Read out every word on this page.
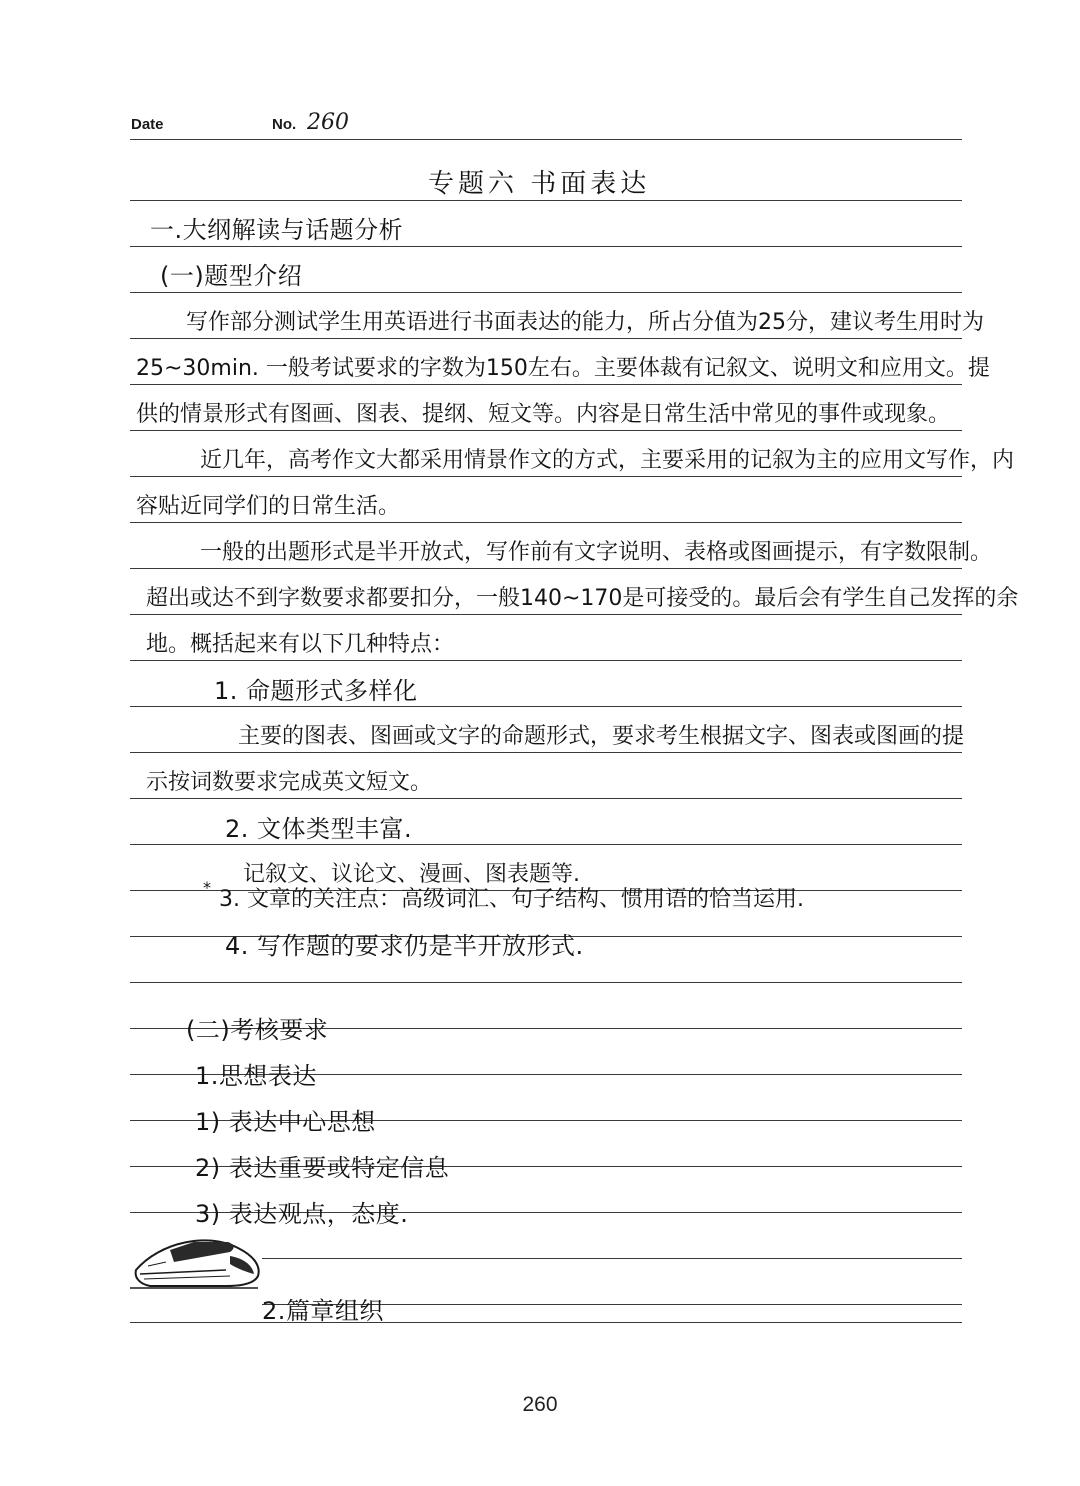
Date	No. 260
专题六 书面表达
一.大纲解读与话题分析
(一)题型介绍
写作部分测试学生用英语进行书面表达的能力，所占分值为25分，建议考生用时为
25~30min. 一般考试要求的字数为150左右。主要体裁有记叙文、说明文和应用文。提
供的情景形式有图画、图表、提纲、短文等。内容是日常生活中常见的事件或现象。
近几年，高考作文大都采用情景作文的方式，主要采用的记叙为主的应用文写作，内
容贴近同学们的日常生活。
一般的出题形式是半开放式，写作前有文字说明、表格或图画提示，有字数限制。
超出或达不到字数要求都要扣分，一般140~170是可接受的。最后会有学生自己发挥的余
地。概括起来有以下几种特点：
1. 命题形式多样化
主要的图表、图画或文字的命题形式，要求考生根据文字、图表或图画的提
示按词数要求完成英文短文。
2. 文体类型丰富.
记叙文、议论文、漫画、图表题等.
* 3. 文章的关注点：高级词汇、句子结构、惯用语的恰当运用.
4. 写作题的要求仍是半开放形式.
(二)考核要求
1.思想表达
1) 表达中心思想
2) 表达重要或特定信息
3) 表达观点，态度.
2.篇章组织
260
